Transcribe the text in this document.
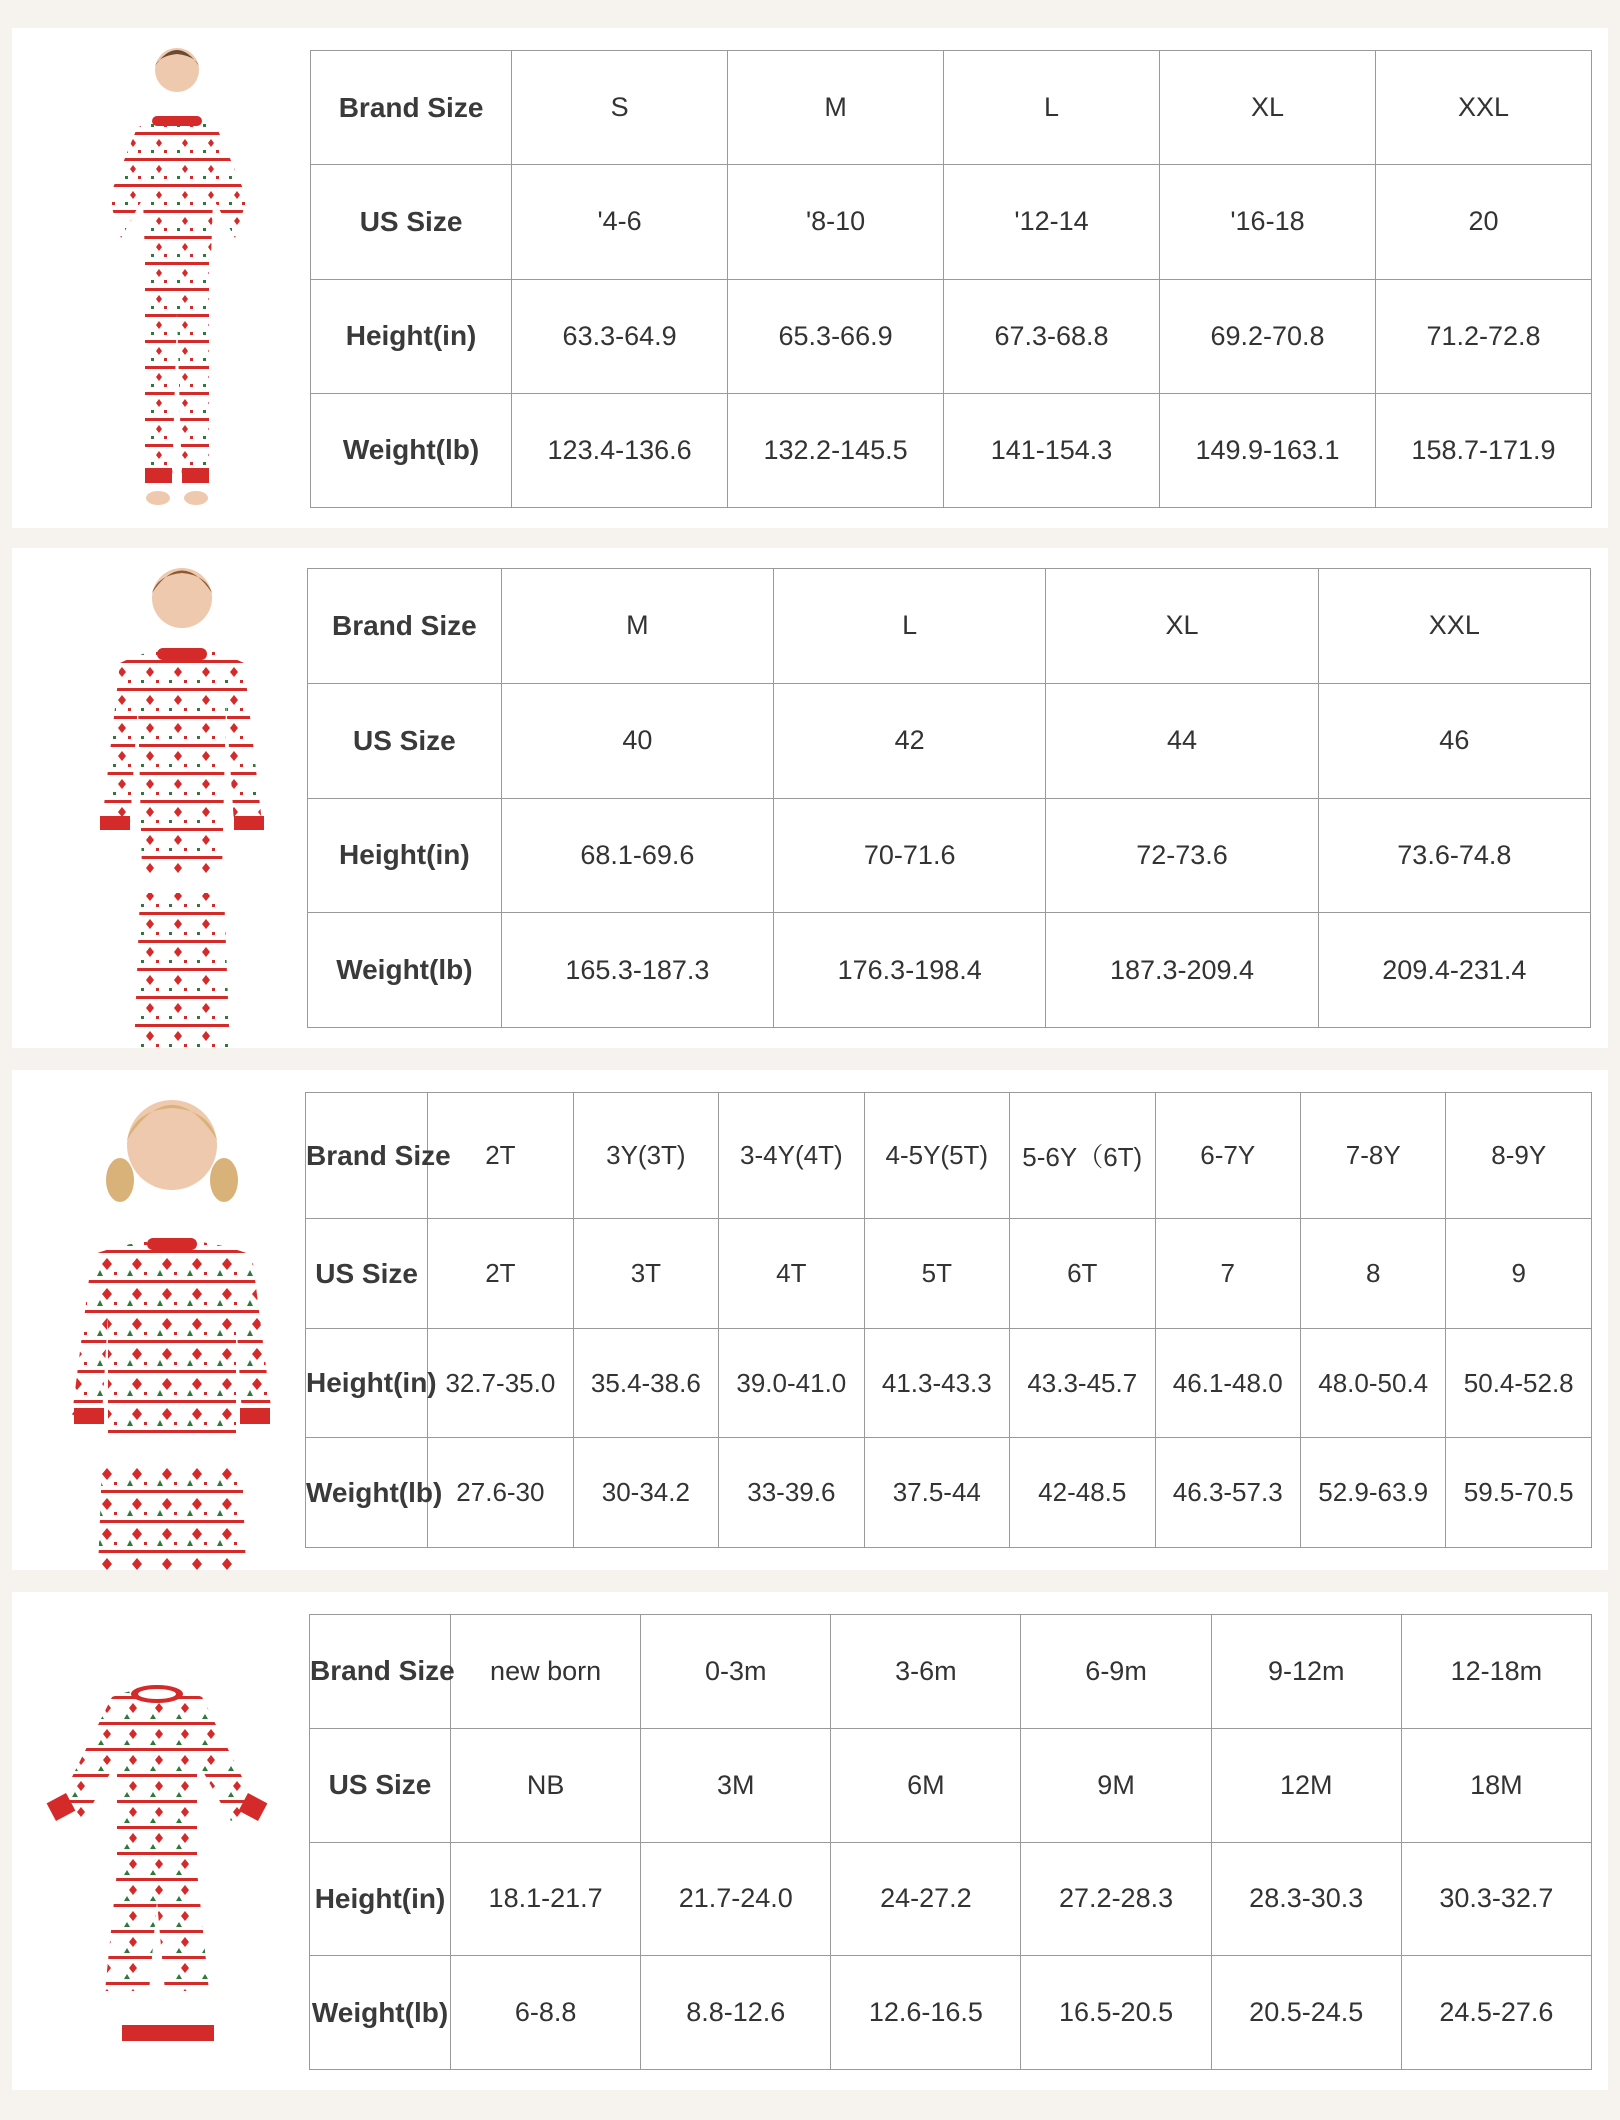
Brand Size	S	M	L	XL	XXL
US Size	'4-6	'8-10	'12-14	'16-18	20
Height(in)	63.3-64.9	65.3-66.9	67.3-68.8	69.2-70.8	71.2-72.8
Weight(lb)	123.4-136.6	132.2-145.5	141-154.3	149.9-163.1	158.7-171.9
Brand Size	M	L	XL	XXL
US Size	40	42	44	46
Height(in)	68.1-69.6	70-71.6	72-73.6	73.6-74.8
Weight(lb)	165.3-187.3	176.3-198.4	187.3-209.4	209.4-231.4
Brand Size	2T	3Y(3T)	3-4Y(4T)	4-5Y(5T)	5-6Y（6T)	6-7Y	7-8Y	8-9Y
US Size	2T	3T	4T	5T	6T	7	8	9
Height(in)	32.7-35.0	35.4-38.6	39.0-41.0	41.3-43.3	43.3-45.7	46.1-48.0	48.0-50.4	50.4-52.8
Weight(lb)	27.6-30	30-34.2	33-39.6	37.5-44	42-48.5	46.3-57.3	52.9-63.9	59.5-70.5
Brand Size	new born	0-3m	3-6m	6-9m	9-12m	12-18m
US Size	NB	3M	6M	9M	12M	18M
Height(in)	18.1-21.7	21.7-24.0	24-27.2	27.2-28.3	28.3-30.3	30.3-32.7
Weight(lb)	6-8.8	8.8-12.6	12.6-16.5	16.5-20.5	20.5-24.5	24.5-27.6
